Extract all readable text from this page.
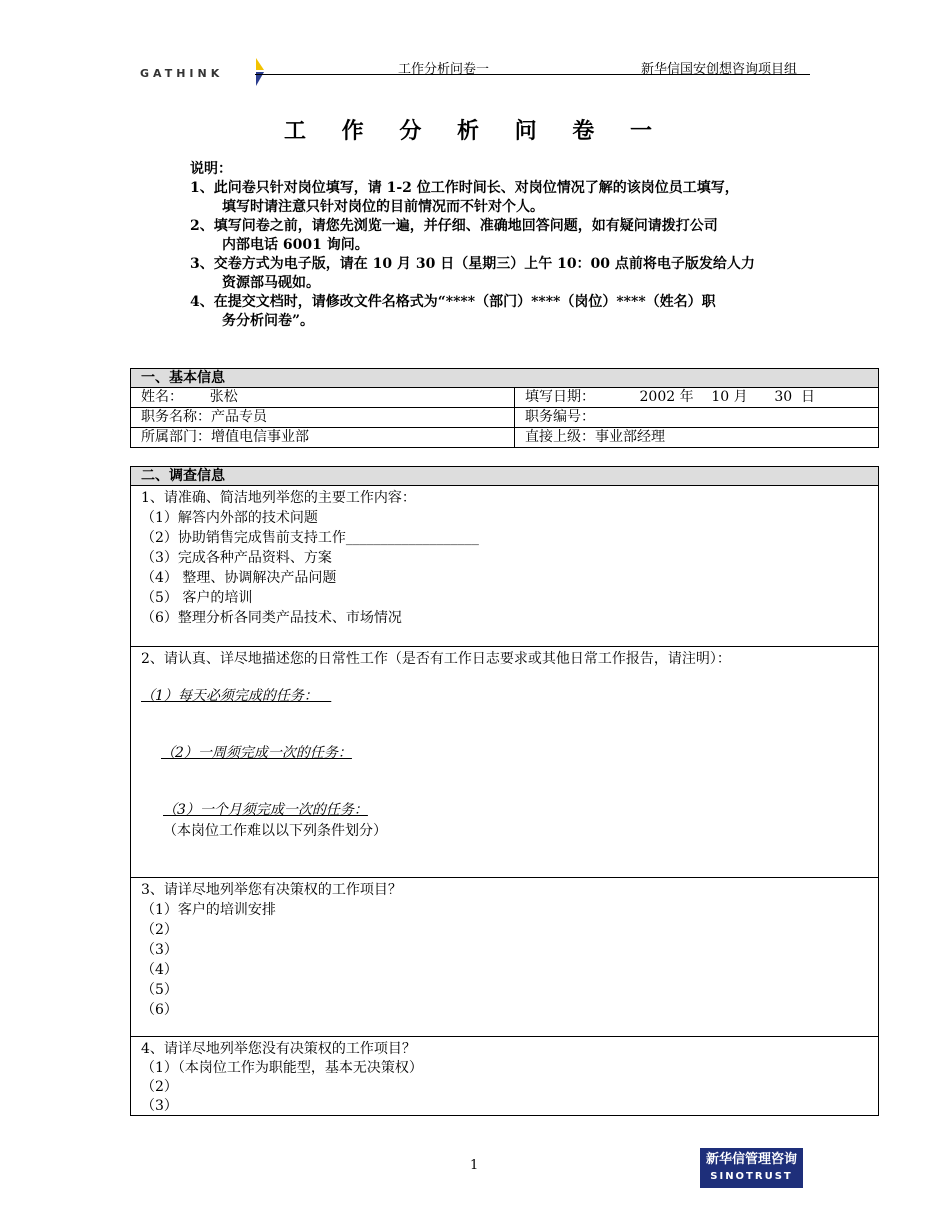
GATHINK	工作分析问卷一	新华信国安创想咨询项目组
工 作 分 析 问 卷 一
说明：
1、此问卷只针对岗位填写，请 1-2 位工作时间长、对岗位情况了解的该岗位员工填写，
填写时请注意只针对岗位的目前情况而不针对个人。
2、填写问卷之前，请您先浏览一遍，并仔细、准确地回答问题，如有疑问请拨打公司
内部电话 6001 询问。
3、交卷方式为电子版，请在 10 月 30 日（星期三）上午 10：00 点前将电子版发给人力
资源部马砚如。
4、在提交文档时，请修改文件名格式为“****（部门）****（岗位）****（姓名）职
务分析问卷”。
一、基本信息
姓名：      张松	填写日期：          2002 年    10 月      30  日
职务名称：产品专员	职务编号：
所属部门：增值电信事业部	直接上级：事业部经理
二、调查信息
1、请准确、简洁地列举您的主要工作内容：
（1）解答内外部的技术问题
（2）协助销售完成售前支持工作___________________
（3）完成各种产品资料、方案
（4） 整理、协调解决产品问题
（5） 客户的培训
（6）整理分析各同类产品技术、市场情况
2、请认真、详尽地描述您的日常性工作（是否有工作日志要求或其他日常工作报告，请注明）：
（1）每天必须完成的任务：
（2）一周须完成一次的任务：
（3）一个月须完成一次的任务：
（本岗位工作难以以下列条件划分）
3、请详尽地列举您有决策权的工作项目？
（1）客户的培训安排
（2）
（3）
（4）
（5）
（6）
4、请详尽地列举您没有决策权的工作项目？
（1）（本岗位工作为职能型，基本无决策权）
（2）
（3）
1	新华信管理咨询
SINOTRUST
